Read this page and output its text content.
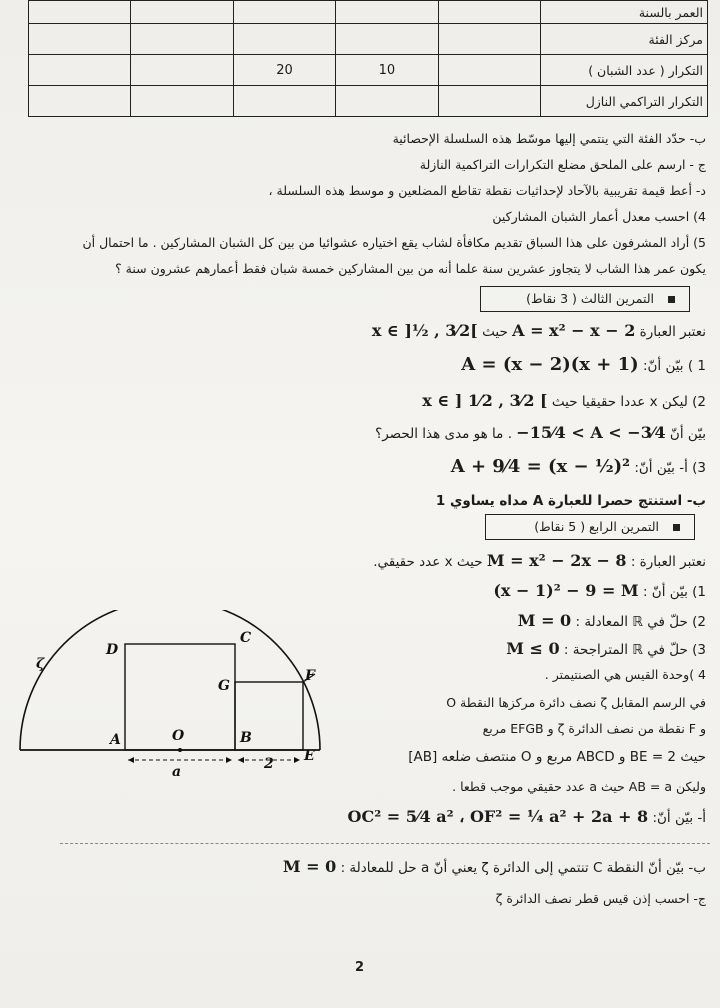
					العمر بالسنة
					مركز الفئة
		20	10		التكرار ( عدد الشبان )
					التكرار التراكمي النازل
ب- حدّد الفئة التي ينتمي إليها موسّط هذه السلسلة الإحصائية
ج - ارسم على الملحق مضلع التكرارات التراكمية النازلة
د- أعط قيمة تقريبية بالآحاد لإحداثيات نقطة تقاطع المضلعين و موسط هذه السلسلة ،
4) احسب معدل أعمار الشبان المشاركين
5) أراد المشرفون على هذا السباق تقديم مكافأة لشاب يقع اختياره عشوائيا من بين كل الشبان المشاركين . ما احتمال أن
يكون عمر هذا الشاب لا يتجاوز عشرين سنة علما أنه من بين المشاركين خمسة شبان فقط أعمارهم عشرون سنة ؟
التمرين الثالث ( 3 نقاط)
نعتبر العبارة A = x² − x − 2 حيث x ∈ ]½ , 3⁄2[
1 ) بيّن أنّ: A = (x − 2)(x + 1)
2) ليكن x عددا حقيقيا حيث x ∈ ] 1⁄2 , 3⁄2 [
بيّن أنّ −15⁄4 < A < −3⁄4 . ما هو مدى هذا الحصر؟
3) أ- بيّن أنّ: A + 9⁄4 = (x − ½)²
ب- استنتج حصرا للعبارة A مداه يساوي 1
التمرين الرابع ( 5 نقاط)
نعتبر العبارة : M = x² − 2x − 8 حيث x عدد حقيقي.
1) بيّن أنّ : (x − 1)² − 9 = M
2) حلّ في ℝ المعادلة : M = 0
3) حلّ في ℝ المتراجحة : M ≤ 0
4 )وحدة القيس هي الصنتيمتر .
في الرسم المقابل ζ نصف دائرة مركزها النقطة O
و F نقطة من نصف الدائرة ζ و EFGB مربع
حيث BE = 2 و ABCD مربع و O منتصف ضلعه [AB]
وليكن AB = a حيث a عدد حقيقي موجب قطعا .
أ- بيّن أنّ: OC² = 5⁄4 a² ، OF² = ¼ a² + 2a + 8
ب- بيّن أنّ النقطة C تنتمي إلى الدائرة ζ يعني أنّ a حل للمعادلة : M = 0
ج- احسب إذن قيس قطر نصف الدائرة ζ
ζ
D
C
G
F
A	O	B
E
a	2
2
